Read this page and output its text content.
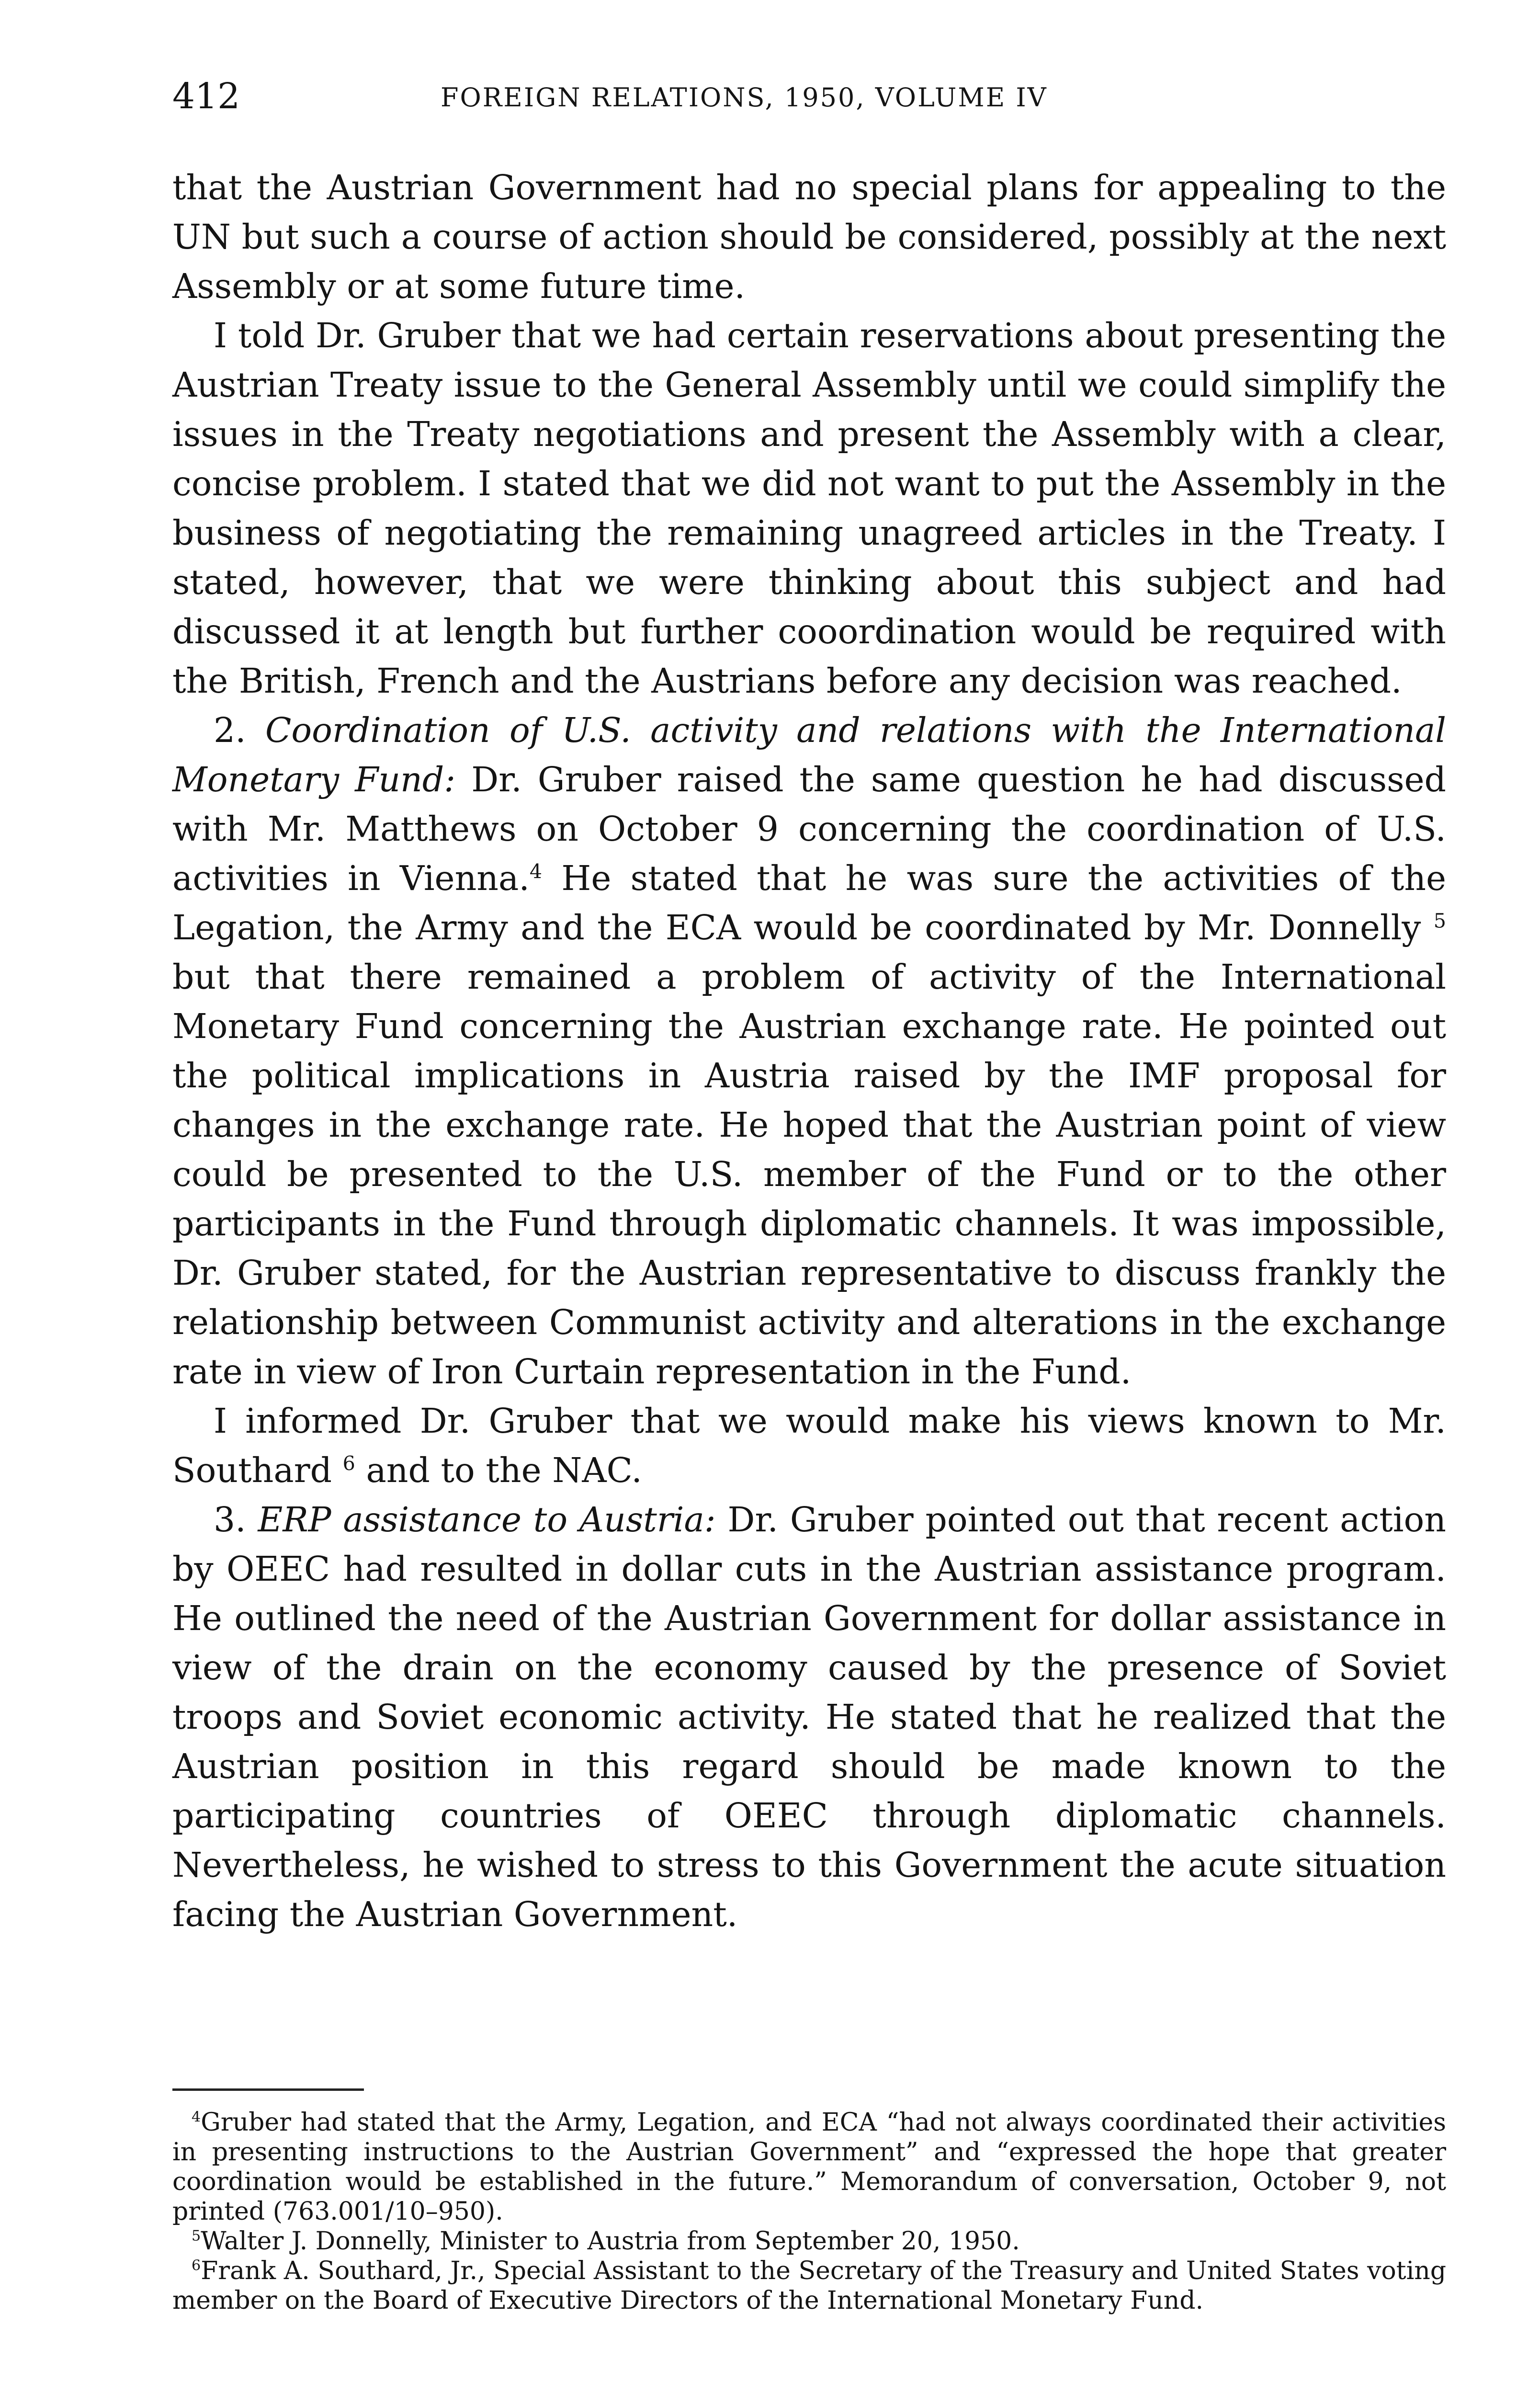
412	FOREIGN RELATIONS, 1950, VOLUME IV

that the Austrian Government had no special plans for appealing to the UN but such a course of action should be considered, possibly at the next Assembly or at some future time.

I told Dr. Gruber that we had certain reservations about presenting the Austrian Treaty issue to the General Assembly until we could simplify the issues in the Treaty negotiations and present the Assembly with a clear, concise problem. I stated that we did not want to put the Assembly in the business of negotiating the remaining unagreed articles in the Treaty. I stated, however, that we were thinking about this subject and had discussed it at length but further cooordination would be required with the British, French and the Austrians before any decision was reached.

2. Coordination of U.S. activity and relations with the International Monetary Fund: Dr. Gruber raised the same question he had discussed with Mr. Matthews on October 9 concerning the coordination of U.S. activities in Vienna.$^4$ He stated that he was sure the activities of the Legation, the Army and the ECA would be coordinated by Mr. Donnelly $^5$ but that there remained a problem of activity of the International Monetary Fund concerning the Austrian exchange rate. He pointed out the political implications in Austria raised by the IMF proposal for changes in the exchange rate. He hoped that the Austrian point of view could be presented to the U.S. member of the Fund or to the other participants in the Fund through diplomatic channels. It was impossible, Dr. Gruber stated, for the Austrian representative to discuss frankly the relationship between Communist activity and alterations in the exchange rate in view of Iron Curtain representation in the Fund.

I informed Dr. Gruber that we would make his views known to Mr. Southard $^6$ and to the NAC.

3. ERP assistance to Austria: Dr. Gruber pointed out that recent action by OEEC had resulted in dollar cuts in the Austrian assistance program. He outlined the need of the Austrian Government for dollar assistance in view of the drain on the economy caused by the presence of Soviet troops and Soviet economic activity. He stated that he realized that the Austrian position in this regard should be made known to the participating countries of OEEC through diplomatic channels. Nevertheless, he wished to stress to this Government the acute situation facing the Austrian Government.

$^4$Gruber had stated that the Army, Legation, and ECA “had not always coordinated their activities in presenting instructions to the Austrian Government” and “expressed the hope that greater coordination would be established in the future.” Memorandum of conversation, October 9, not printed (763.001/10–950).

$^5$Walter J. Donnelly, Minister to Austria from September 20, 1950.

$^6$Frank A. Southard, Jr., Special Assistant to the Secretary of the Treasury and United States voting member on the Board of Executive Directors of the International Monetary Fund.
